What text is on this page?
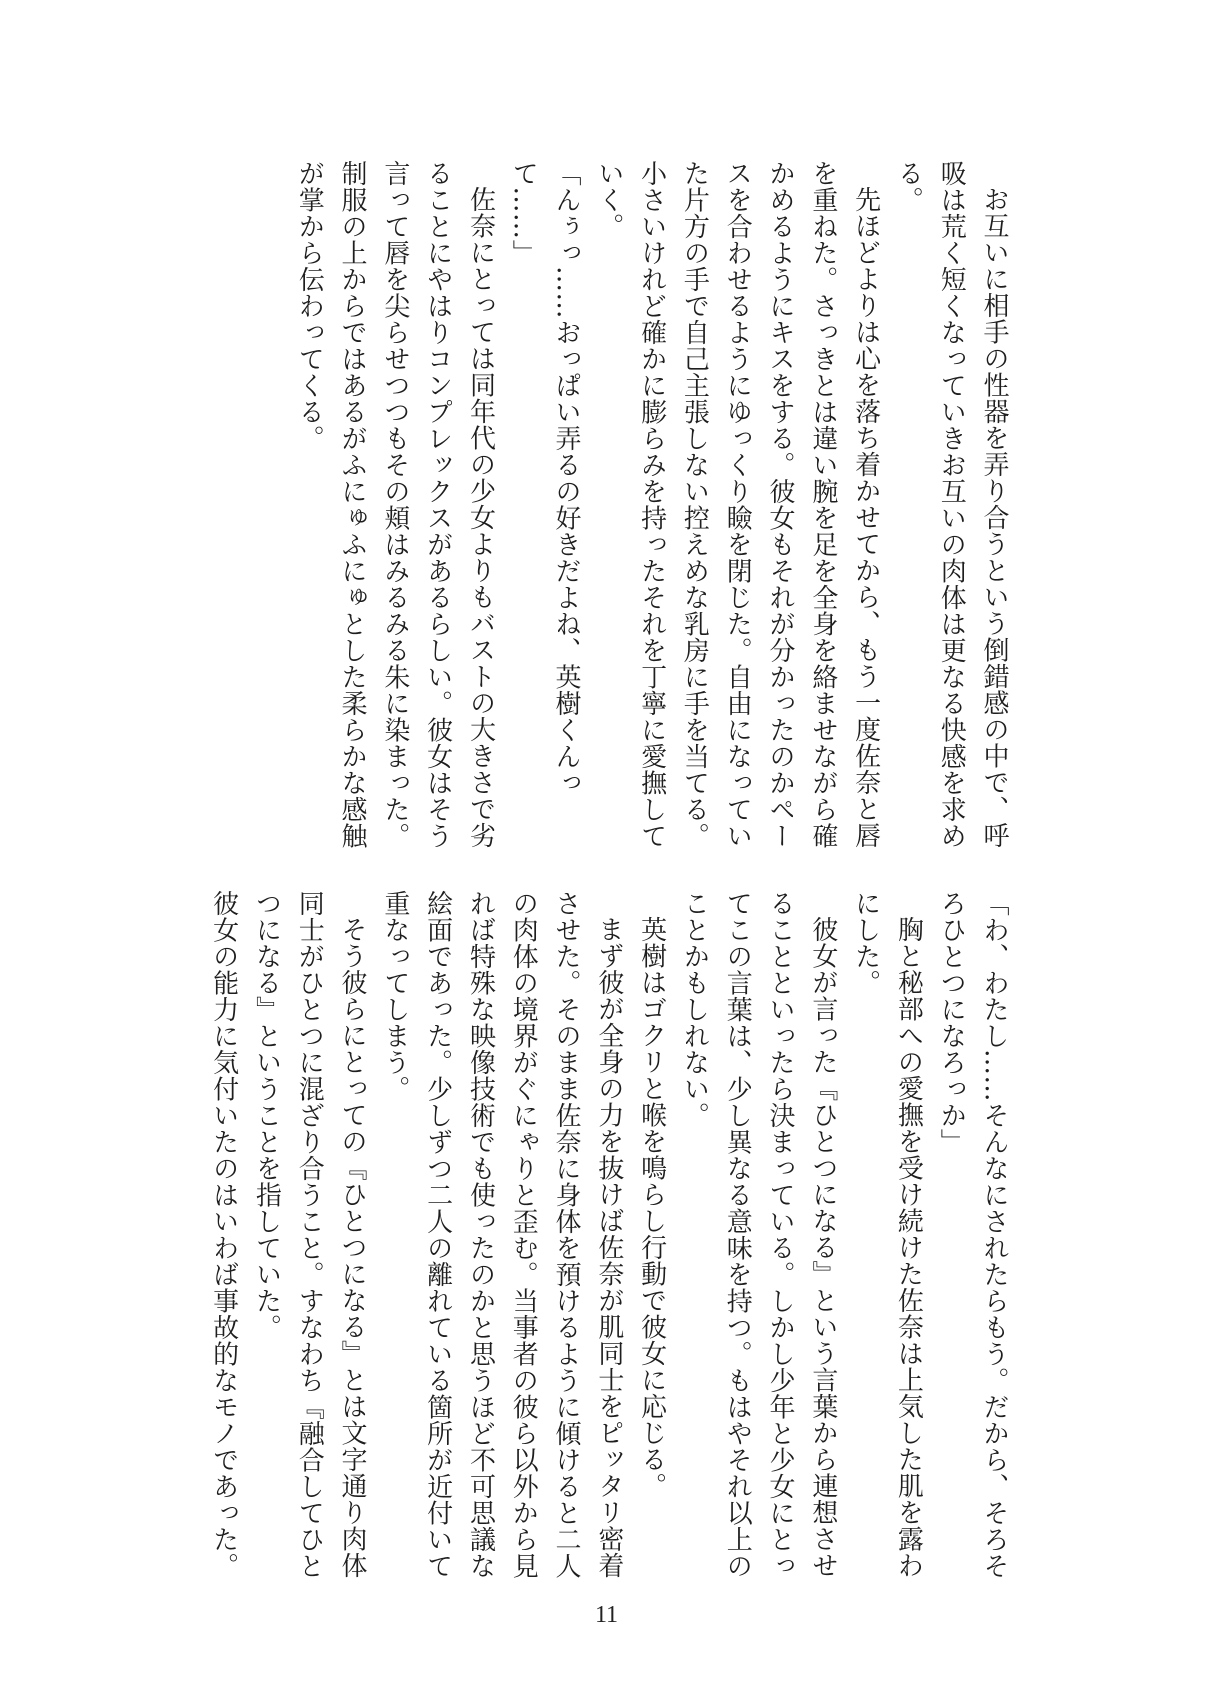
お互いに相手の性器を弄り合うという倒錯感の中で、呼吸は荒く短くなっていきお互いの肉体は更なる快感を求める。

先ほどよりは心を落ち着かせてから、もう一度佐奈と唇を重ねた。さっきとは違い腕を足を全身を絡ませながら確かめるようにキスをする。彼女もそれが分かったのかペースを合わせるようにゆっくり瞼を閉じた。自由になっていた片方の手で自己主張しない控えめな乳房に手を当てる。小さいけれど確かに膨らみを持ったそれを丁寧に愛撫していく。

「んぅっ……おっぱい弄るの好きだよね、英樹くんって……」

佐奈にとっては同年代の少女よりもバストの大きさで劣ることにやはりコンプレックスがあるらしい。彼女はそう言って唇を尖らせつつもその頬はみるみる朱に染まった。制服の上からではあるがふにゅふにゅとした柔らかな感触が掌から伝わってくる。

「わ、わたし……そんなにされたらもう。だから、そろそろひとつになろっか」

胸と秘部への愛撫を受け続けた佐奈は上気した肌を露わにした。

彼女が言った『ひとつになる』という言葉から連想させることといったら決まっている。しかし少年と少女にとってこの言葉は、少し異なる意味を持つ。もはやそれ以上のことかもしれない。

英樹はゴクリと喉を鳴らし行動で彼女に応じる。

まず彼が全身の力を抜けば佐奈が肌同士をピッタリ密着させた。そのまま佐奈に身体を預けるように傾けると二人の肉体の境界がぐにゃりと歪む。当事者の彼ら以外から見れば特殊な映像技術でも使ったのかと思うほど不可思議な絵面であった。少しずつ二人の離れている箇所が近付いて重なってしまう。

そう彼らにとっての『ひとつになる』とは文字通り肉体同士がひとつに混ざり合うこと。すなわち『融合してひとつになる』ということを指していた。

彼女の能力に気付いたのはいわば事故的なモノであった。

11
